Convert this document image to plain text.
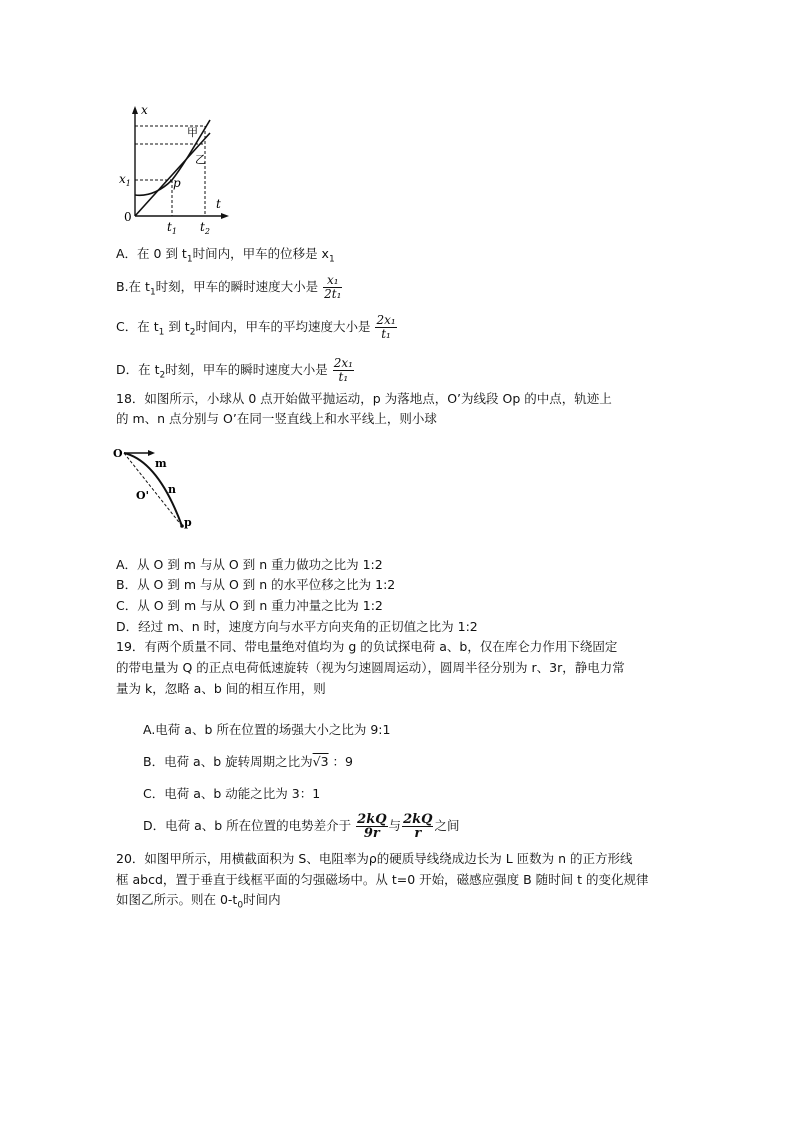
x
t
0
$x_1$
$t_1$ $t_2$
甲
乙
p
A．在 0 到 $t_1$时间内，甲车的位移是 $x_1$
B.在 $t_1$时刻，甲车的瞬时速度大小是 $\frac{\text{x₁}}{\text{2t₁}}$
C．在 $t_1$ 到 $t_2$时间内，甲车的平均速度大小是 $\frac{\text{2x₁}}{\text{t₁}}$
D．在 $t_2$时刻，甲车的瞬时速度大小是 $\frac{\text{2x₁}}{\text{t₁}}$
18．如图所示，小球从 0 点开始做平抛运动，p 为落地点，O’为线段 Op 的中点，轨迹上
的 m、n 点分别与 O’在同一竖直线上和水平线上，则小球
O
m
n
O'
p
A．从 O 到 m 与从 O 到 n 重力做功之比为 1:2
B．从 O 到 m 与从 O 到 n 的水平位移之比为 1:2
C．从 O 到 m 与从 O 到 n 重力冲量之比为 1:2
D．经过 m、n 时，速度方向与水平方向夹角的正切值之比为 1:2
19．有两个质量不同、带电量绝对值均为 g 的负试探电荷 a、b，仅在库仑力作用下绕固定
的带电量为 Q 的正点电荷低速旋转（视为匀速圆周运动），圆周半径分别为 r、3r，静电力常
量为 k，忽略 a、b 间的相互作用，则
A.电荷 a、b 所在位置的场强大小之比为 9:1
B．电荷 a、b 旋转周期之比为√3 ：9
C．电荷 a、b 动能之比为 3：1
D．电荷 a、b 所在位置的电势差介于 $\frac{2kQ}{9r}$ 与 $\frac{2kQ}{r}$ 之间
20．如图甲所示，用横截面积为 S、电阻率为ρ的硬质导线绕成边长为 L 匝数为 n 的正方形线
框 abcd，置于垂直于线框平面的匀强磁场中。从 t=0 开始，磁感应强度 B 随时间 t 的变化规律
如图乙所示。则在 $0-t_0$时间内
